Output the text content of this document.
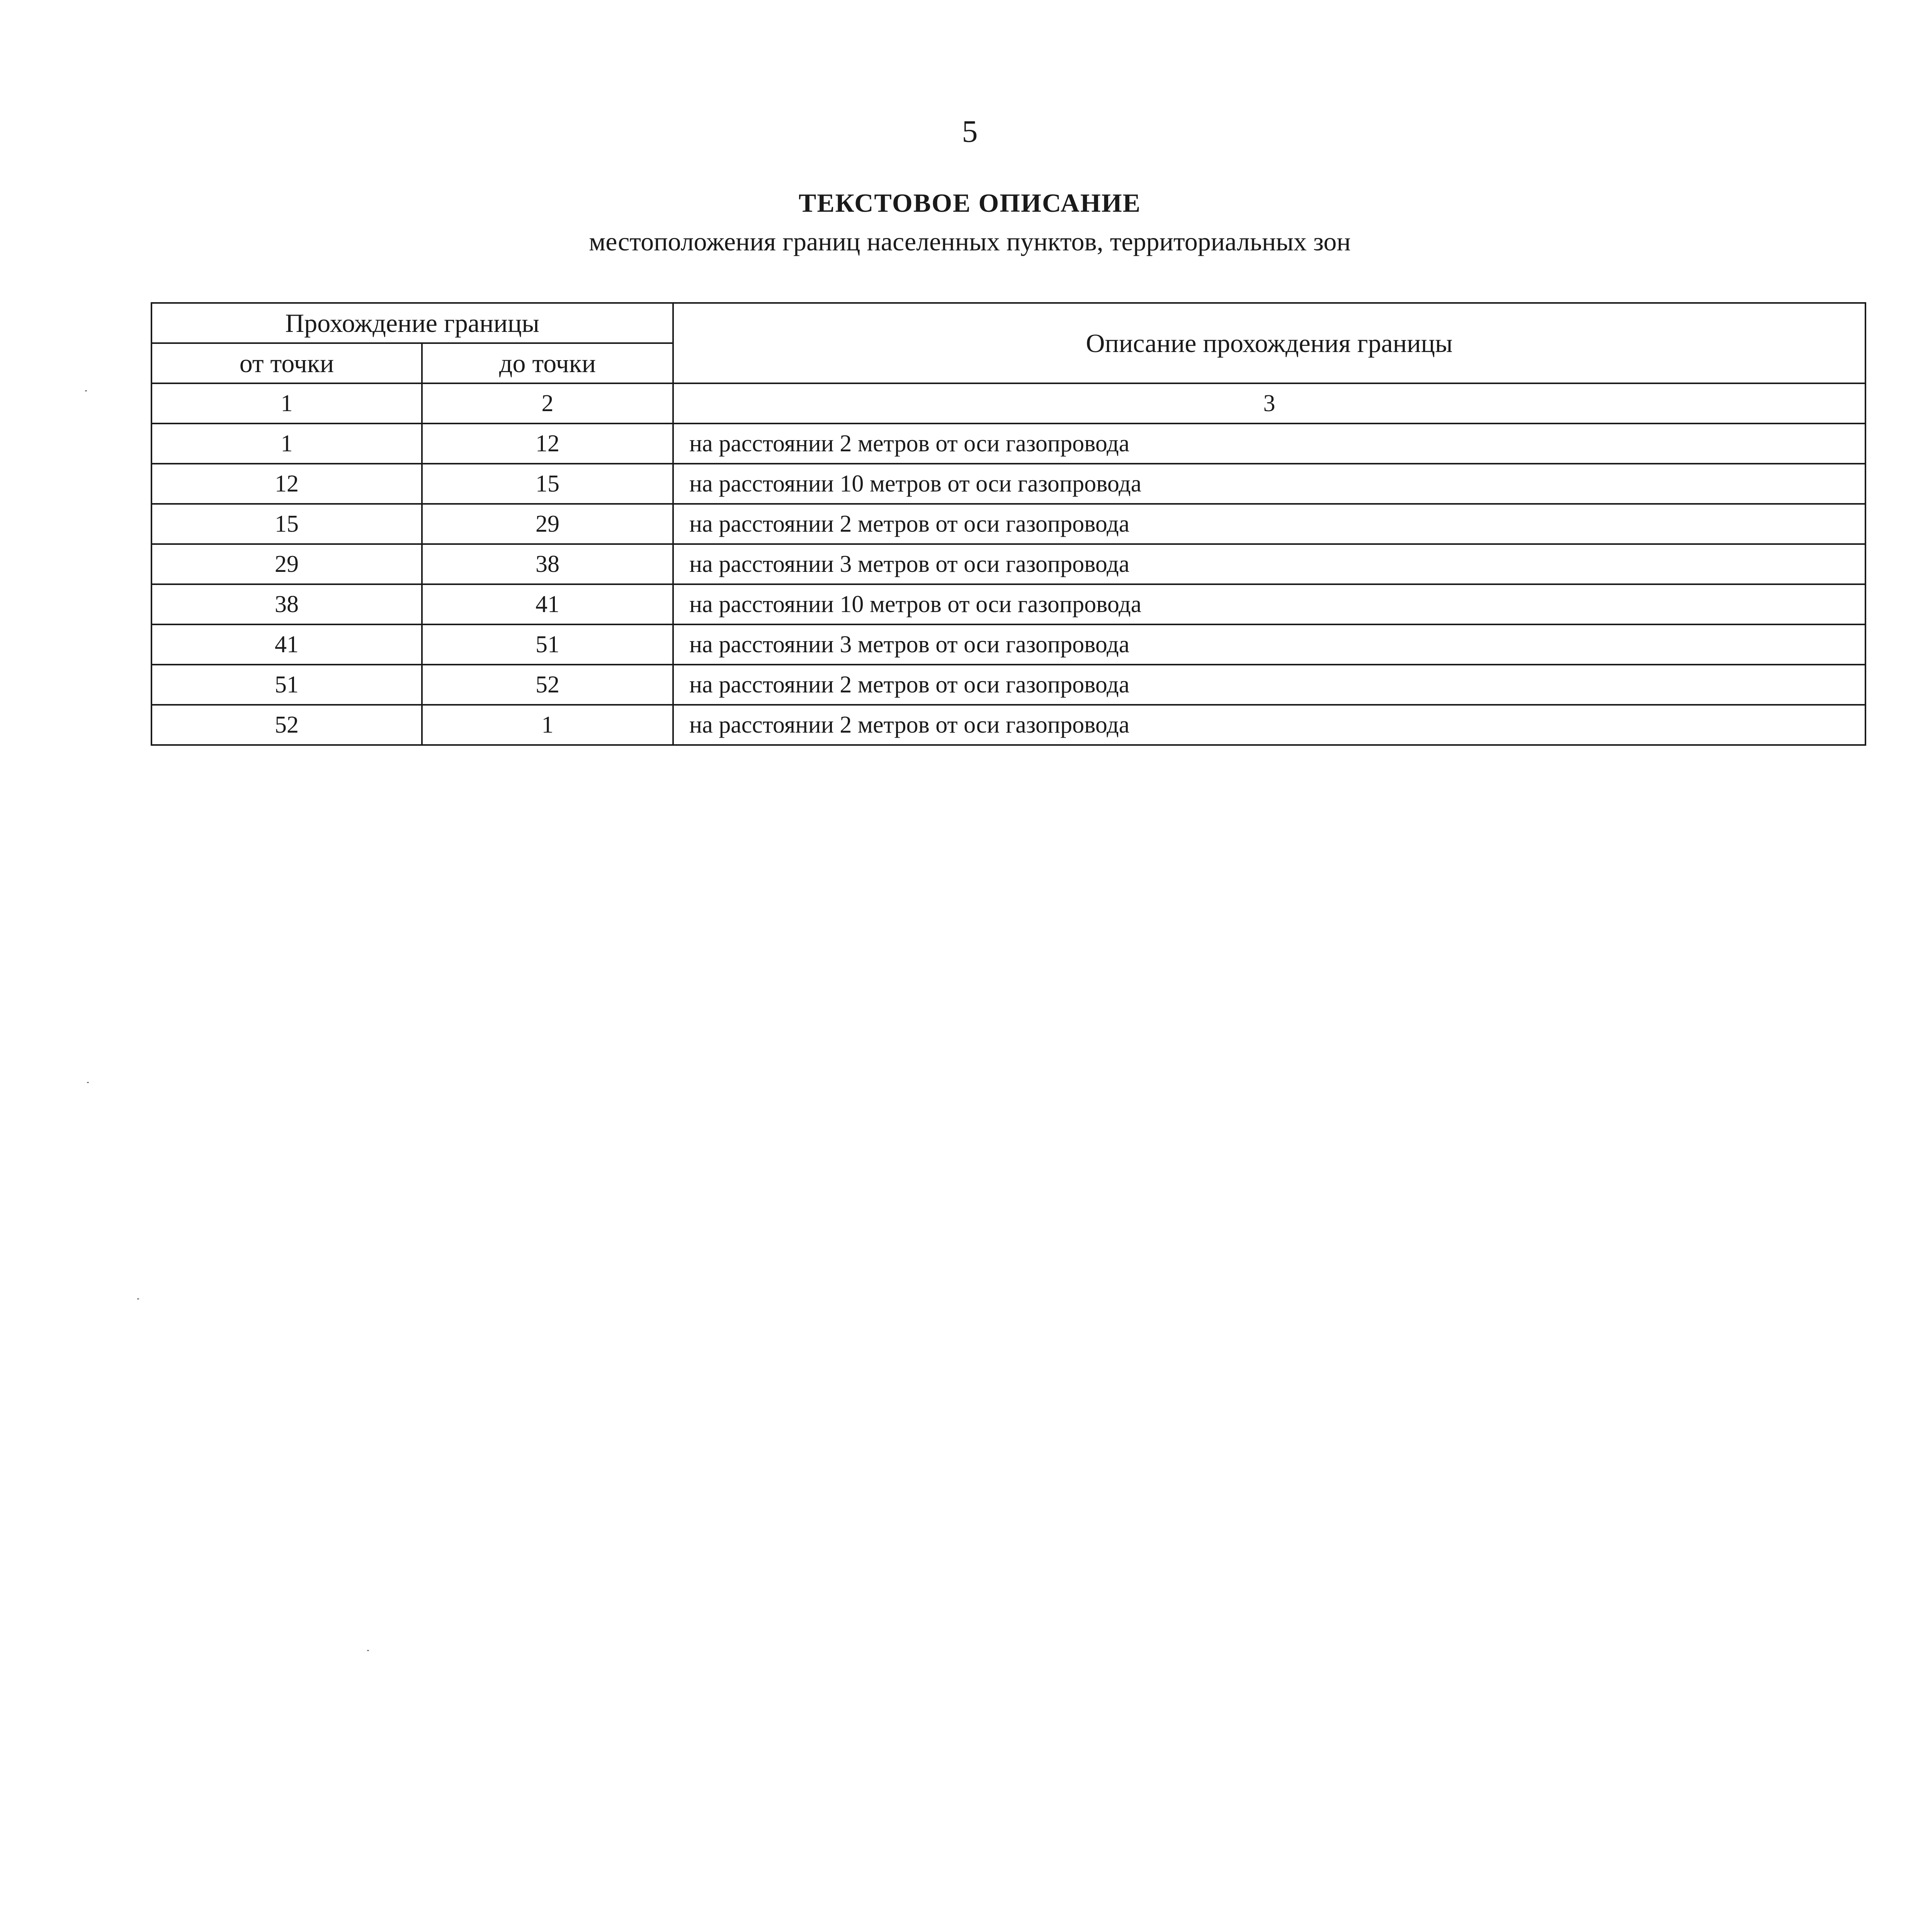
5
ТЕКСТОВОЕ ОПИСАНИЕ
местоположения границ населенных пунктов, территориальных зон
Прохождение границы		Описание прохождения границы
от точки	до точки	
1	2	3
1	12	на расстоянии 2 метров от оси газопровода
12	15	на расстоянии 10 метров от оси газопровода
15	29	на расстоянии 2 метров от оси газопровода
29	38	на расстоянии 3 метров от оси газопровода
38	41	на расстоянии 10 метров от оси газопровода
41	51	на расстоянии 3 метров от оси газопровода
51	52	на расстоянии 2 метров от оси газопровода
52	1	на расстоянии 2 метров от оси газопровода
